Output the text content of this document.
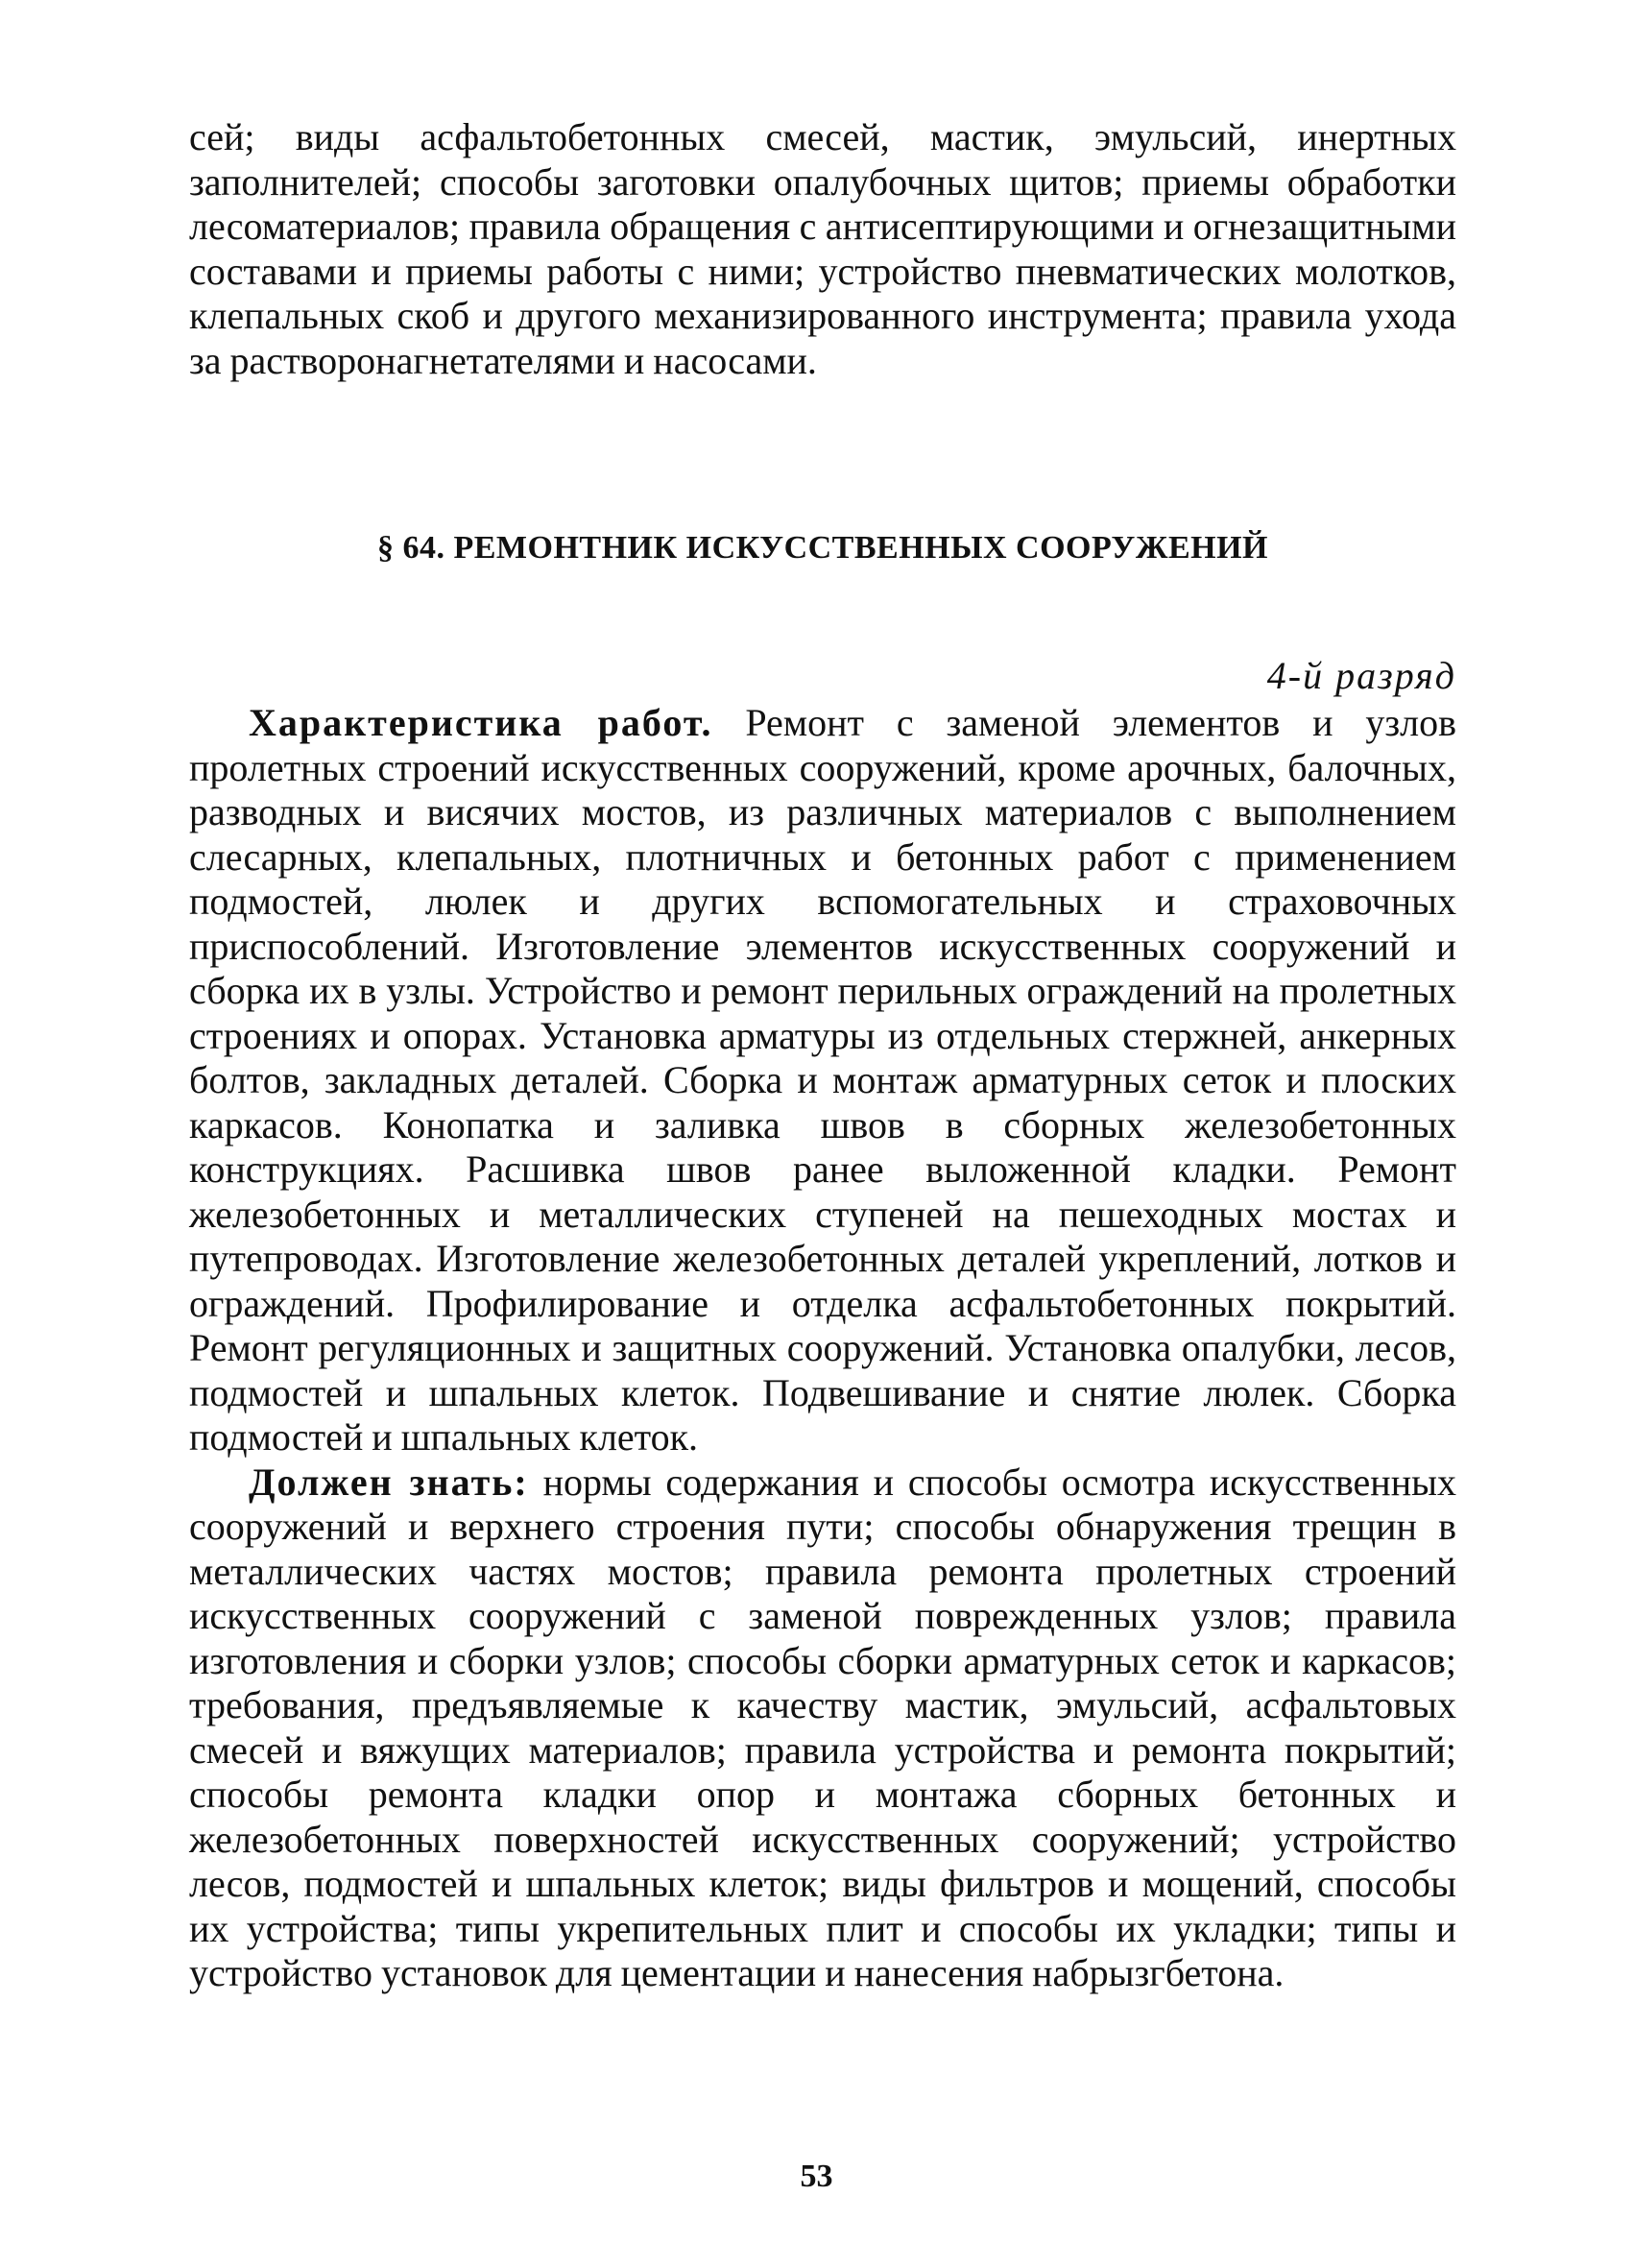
сей; виды асфальтобетонных смесей, мастик, эмульсий, инертных заполнителей; способы заготовки опалубочных щитов; приемы обработки лесоматериалов; правила обращения с антисептирующими и огнезащитными составами и приемы работы с ними; устройство пневматических молотков, клепальных скоб и другого механизированного инструмента; правила ухода за растворонагнетателями и насосами.

§ 64. РЕМОНТНИК ИСКУССТВЕННЫХ СООРУЖЕНИЙ
4-й разряд

Характеристика работ. Ремонт с заменой элементов и узлов пролетных строений искусственных сооружений, кроме арочных, балочных, разводных и висячих мостов, из различных материалов с выполнением слесарных, клепальных, плотничных и бетонных работ с применением подмостей, люлек и других вспомогательных и страховочных приспособлений. Изготовление элементов искусственных сооружений и сборка их в узлы. Устройство и ремонт перильных ограждений на пролетных строениях и опорах. Установка арматуры из отдельных стержней, анкерных болтов, закладных деталей. Сборка и монтаж арматурных сеток и плоских каркасов. Конопатка и заливка швов в сборных железобетонных конструкциях. Расшивка швов ранее выложенной кладки. Ремонт железобетонных и металлических ступеней на пешеходных мостах и путепроводах. Изготовление железобетонных деталей укреплений, лотков и ограждений. Профилирование и отделка асфальтобетонных покрытий. Ремонт регуляционных и защитных сооружений. Установка опалубки, лесов, подмостей и шпальных клеток. Подвешивание и снятие люлек. Сборка подмостей и шпальных клеток.

Должен знать: нормы содержания и способы осмотра искусственных сооружений и верхнего строения пути; способы обнаружения трещин в металлических частях мостов; правила ремонта пролетных строений искусственных сооружений с заменой поврежденных узлов; правила изготовления и сборки узлов; способы сборки арматурных сеток и каркасов; требования, предъявляемые к качеству мастик, эмульсий, асфальтовых смесей и вяжущих материалов; правила устройства и ремонта покрытий; способы ремонта кладки опор и монтажа сборных бетонных и железобетонных поверхностей искусственных сооружений; устройство лесов, подмостей и шпальных клеток; виды фильтров и мощений, способы их устройства; типы укрепительных плит и способы их укладки; типы и устройство установок для цементации и нанесения набрызгбетона.

53
